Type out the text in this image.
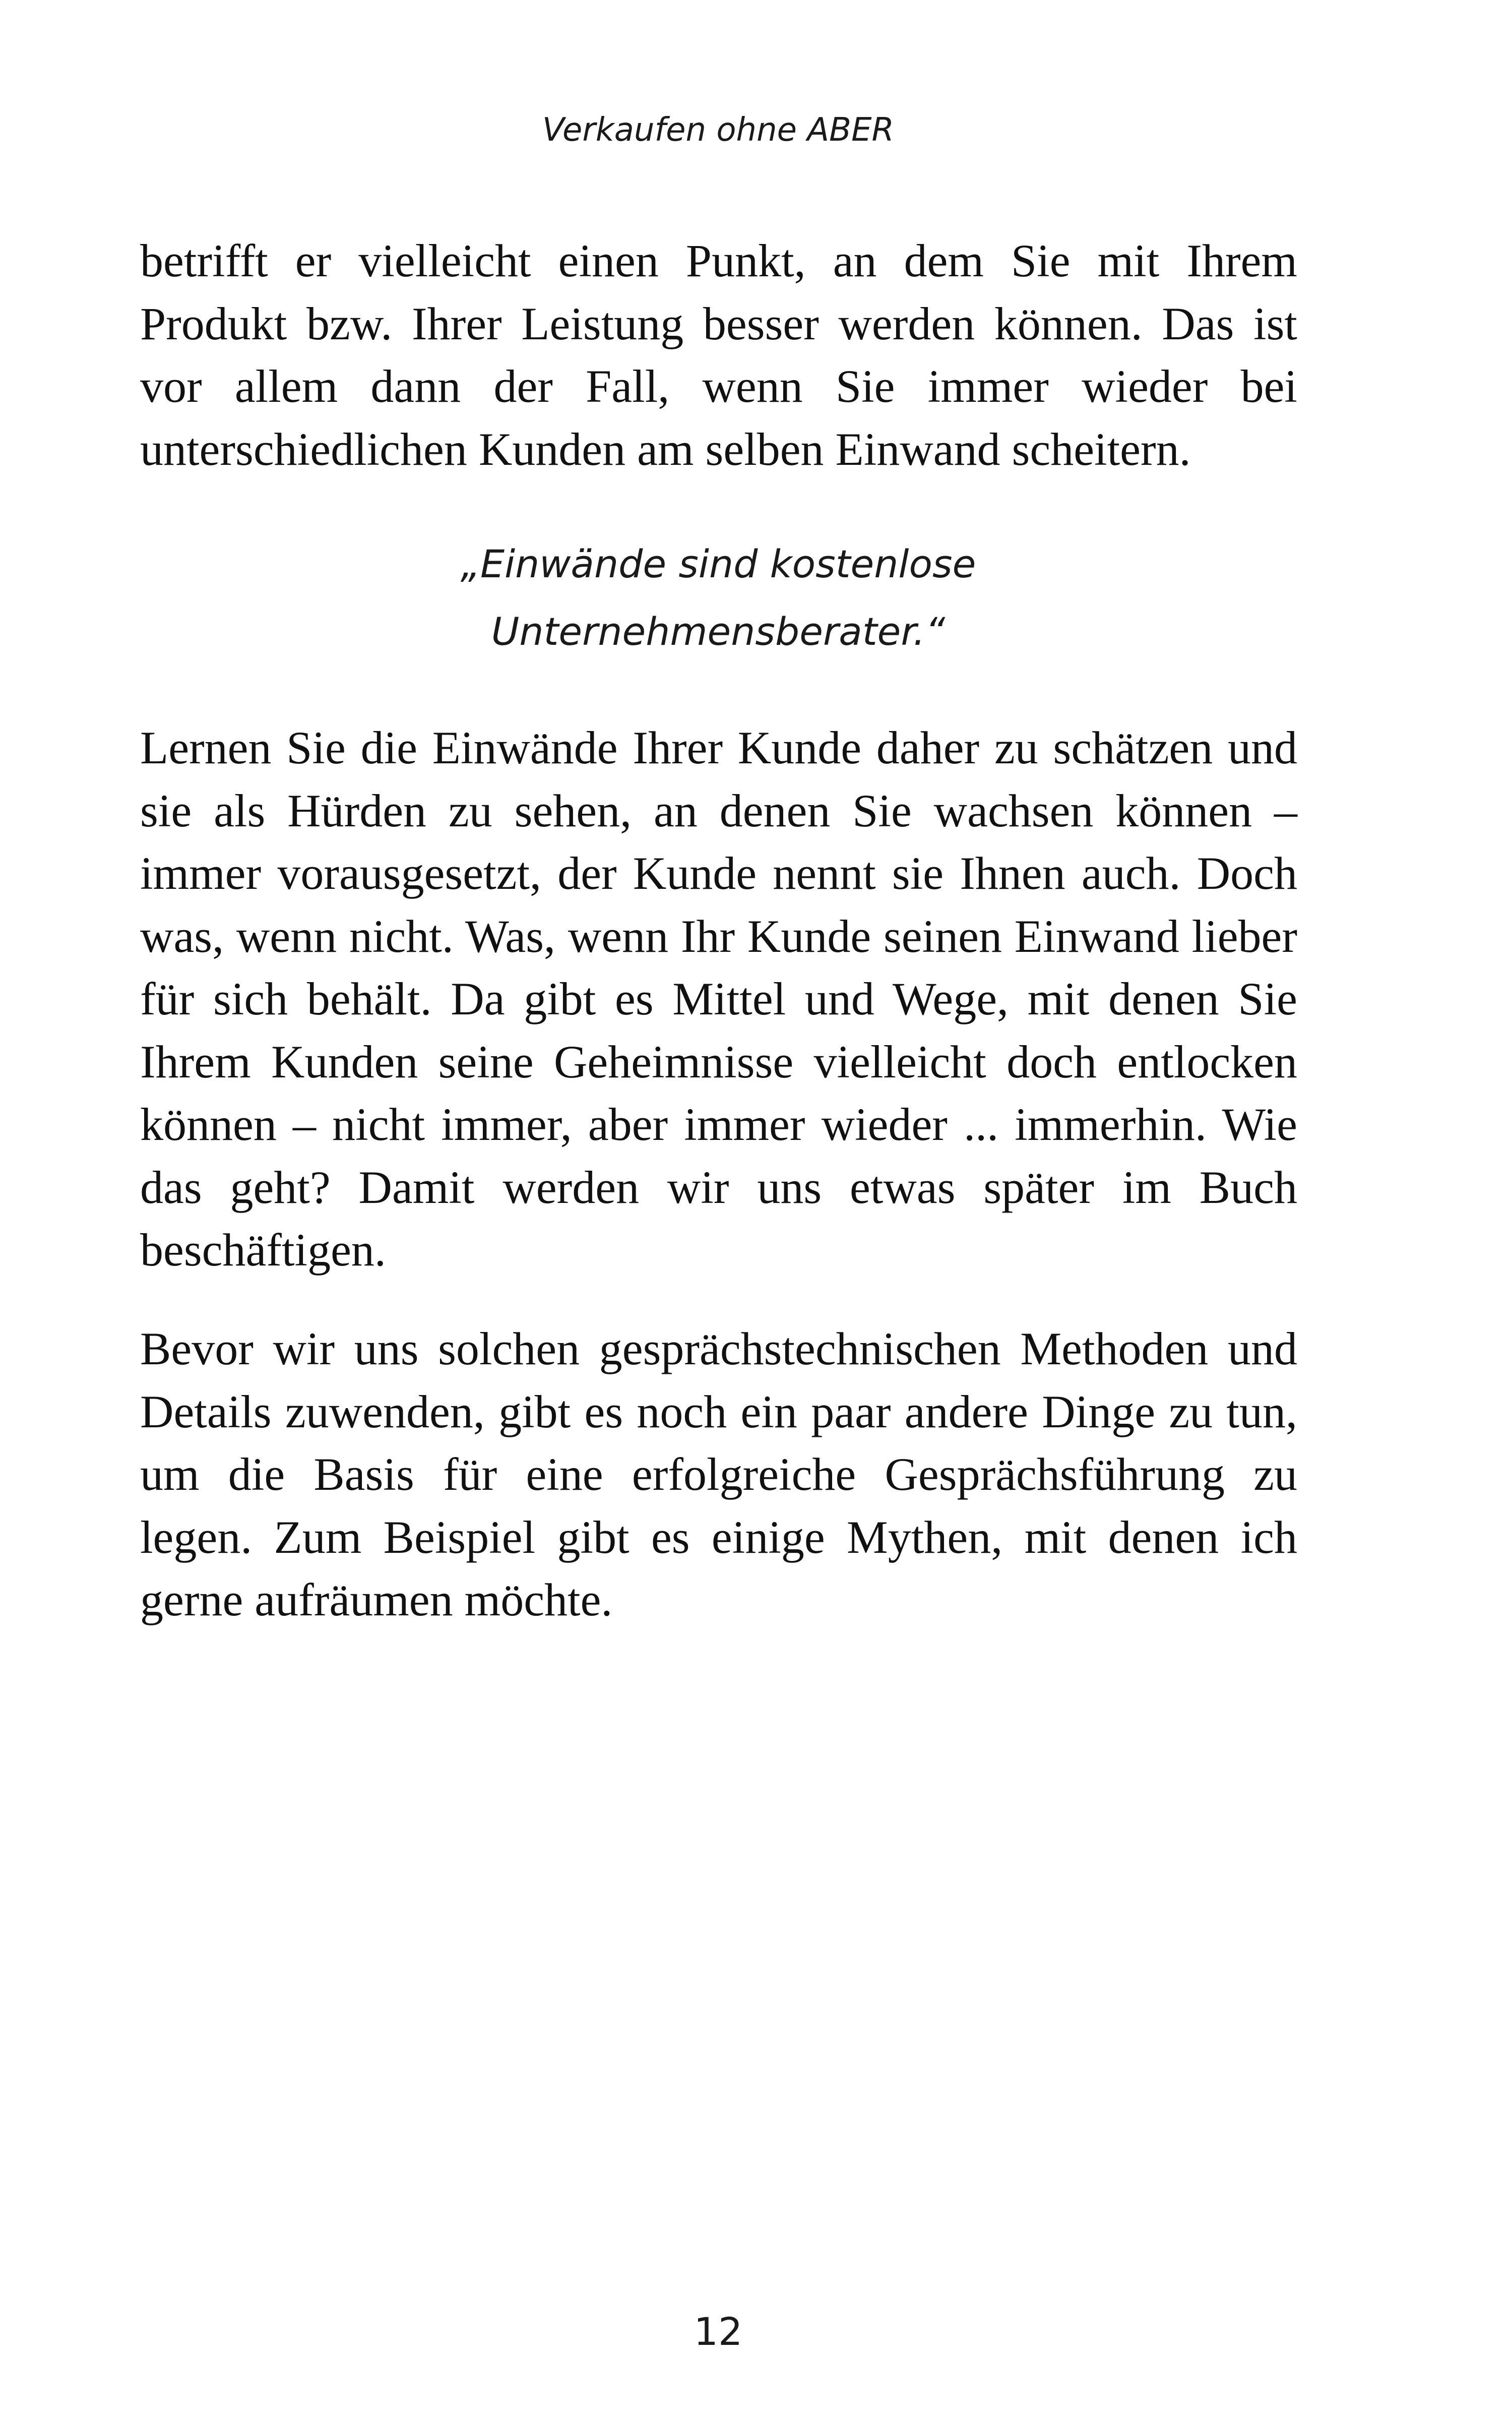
Verkaufen ohne ABER

betrifft er vielleicht einen Punkt, an dem Sie mit Ihrem Produkt bzw. Ihrer Leistung besser werden können. Das ist vor allem dann der Fall, wenn Sie immer wieder bei unterschiedlichen Kunden am selben Einwand scheitern.

„Einwände sind kostenlose
Unternehmensberater.“

Lernen Sie die Einwände Ihrer Kunde daher zu schätzen und sie als Hürden zu sehen, an denen Sie wachsen können – immer vorausgesetzt, der Kunde nennt sie Ihnen auch. Doch was, wenn nicht. Was, wenn Ihr Kunde seinen Einwand lieber für sich behält. Da gibt es Mittel und Wege, mit denen Sie Ihrem Kunden seine Geheimnisse vielleicht doch entlocken können – nicht immer, aber immer wieder ... immerhin. Wie das geht? Damit werden wir uns etwas später im Buch beschäftigen.

Bevor wir uns solchen gesprächstechnischen Methoden und Details zuwenden, gibt es noch ein paar andere Dinge zu tun, um die Basis für eine erfolgreiche Gesprächsführung zu legen. Zum Beispiel gibt es einige Mythen, mit denen ich gerne aufräumen möchte.

12
